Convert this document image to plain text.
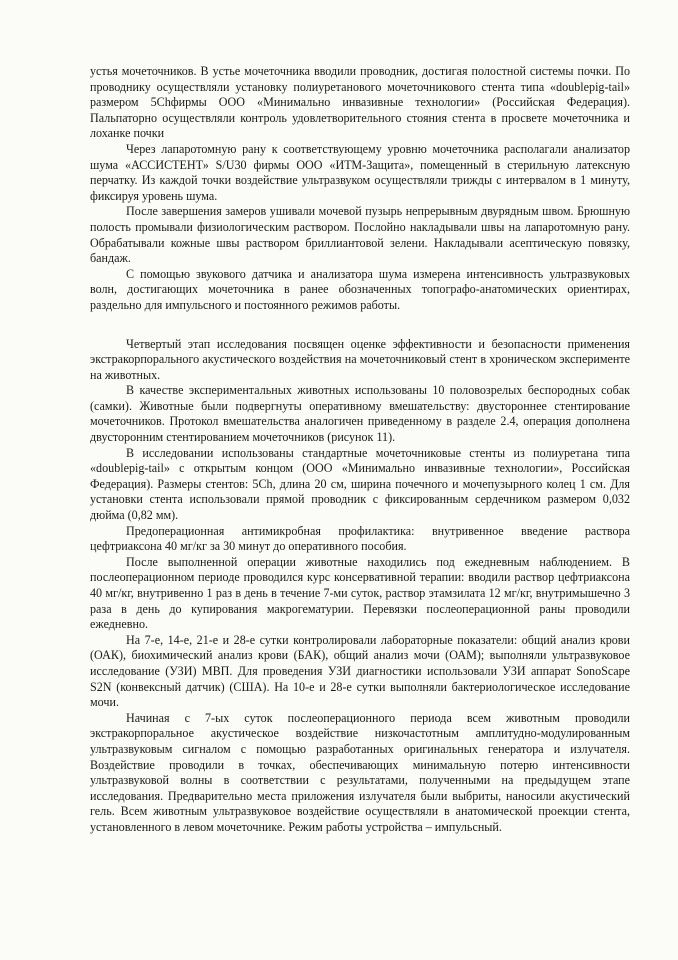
устья мочеточников. В устье мочеточника вводили проводник, достигая полостной системы почки. По проводнику осуществляли установку полиуретанового мочеточникового стента типа «doublepig-tail» размером 5Chфирмы ООО «Минимально инвазивные технологии» (Российская Федерация). Пальпаторно осуществляли контроль удовлетворительного стояния стента в просвете мочеточника и лоханке почки

Через лапаротомную рану к соответствующему уровню мочеточника располагали анализатор шума «АССИСТЕНТ» S/U30 фирмы ООО «ИТМ-Защита», помещенный в стерильную латексную перчатку. Из каждой точки воздействие ультразвуком осуществляли трижды с интервалом в 1 минуту, фиксируя уровень шума.

После завершения замеров ушивали мочевой пузырь непрерывным двурядным швом. Брюшную полость промывали физиологическим раствором. Послойно накладывали швы на лапаротомную рану. Обрабатывали кожные швы раствором бриллиантовой зелени. Накладывали асептическую повязку, бандаж.

С помощью звукового датчика и анализатора шума измерена интенсивность ультразвуковых волн, достигающих мочеточника в ранее обозначенных топографо-анатомических ориентирах, раздельно для импульсного и постоянного режимов работы.

Четвертый этап исследования посвящен оценке эффективности и безопасности применения экстракорпорального акустического воздействия на мочеточниковый стент в хроническом эксперименте на животных.

В качестве экспериментальных животных использованы 10 половозрелых беспородных собак (самки). Животные были подвергнуты оперативному вмешательству: двустороннее стентирование мочеточников. Протокол вмешательства аналогичен приведенному в разделе 2.4, операция дополнена двусторонним стентированием мочеточников (рисунок 11).

В исследовании использованы стандартные мочеточниковые стенты из полиуретана типа «doublepig-tail» с открытым концом (ООО «Минимально инвазивные технологии», Российская Федерация). Размеры стентов: 5Ch, длина 20 см, ширина почечного и мочепузырного колец 1 см. Для установки стента использовали прямой проводник с фиксированным сердечником размером 0,032 дюйма (0,82 мм).

Предоперационная антимикробная профилактика: внутривенное введение раствора цефтриаксона 40 мг/кг за 30 минут до оперативного пособия.

После выполненной операции животные находились под ежедневным наблюдением. В послеоперационном периоде проводился курс консервативной терапии: вводили раствор цефтриаксона 40 мг/кг, внутривенно 1 раз в день в течение 7-ми суток, раствор этамзилата 12 мг/кг, внутримышечно 3 раза в день до купирования макрогематурии. Перевязки послеоперационной раны проводили ежедневно.

На 7-е, 14-е, 21-е и 28-е сутки контролировали лабораторные показатели: общий анализ крови (ОАК), биохимический анализ крови (БАК), общий анализ мочи (ОАМ); выполняли ультразвуковое исследование (УЗИ) МВП. Для проведения УЗИ диагностики использовали УЗИ аппарат SonoScape S2N (конвексный датчик) (США). На 10-е и 28-е сутки выполняли бактериологическое исследование мочи.

Начиная с 7-ых суток послеоперационного периода всем животным проводили экстракорпоральное акустическое воздействие низкочастотным амплитудно-модулированным ультразвуковым сигналом с помощью разработанных оригинальных генератора и излучателя. Воздействие проводили в точках, обеспечивающих минимальную потерю интенсивности ультразвуковой волны в соответствии с результатами, полученными на предыдущем этапе исследования. Предварительно места приложения излучателя были выбриты, наносили акустический гель. Всем животным ультразвуковое воздействие осуществляли в анатомической проекции стента, установленного в левом мочеточнике. Режим работы устройства – импульсный.
